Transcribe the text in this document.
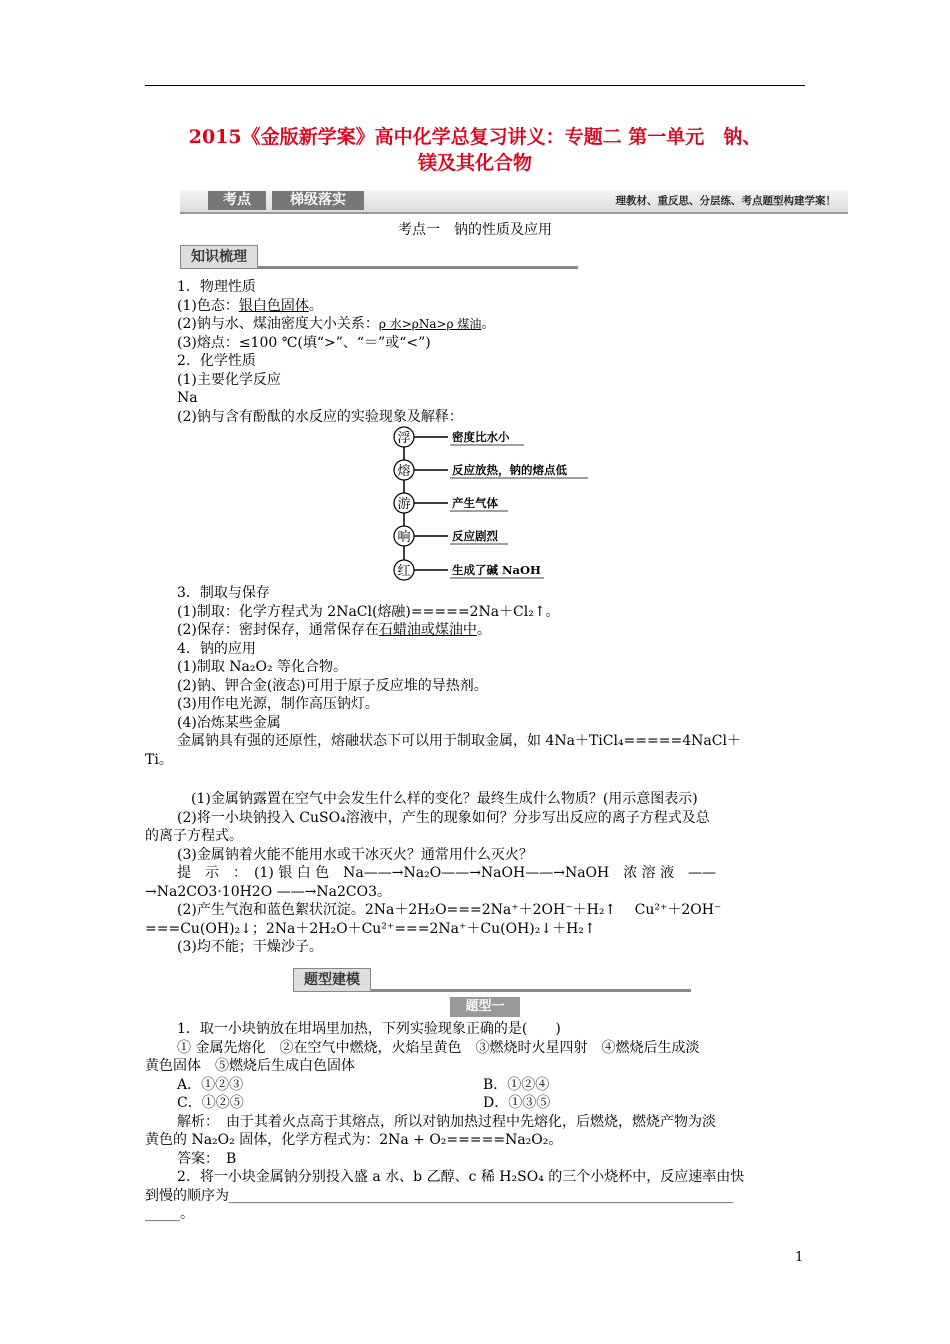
2015《金版新学案》高中化学总复习讲义：专题二 第一单元　钠、
镁及其化合物
考点	梯级落实	理教材、重反思、分层练、考点题型构建学案！
考点一　钠的性质及应用
知识梳理

1．物理性质

(1)色态：银白色固体。

(2)钠与水、煤油密度大小关系：ρ 水>ρNa>ρ 煤油。

(3)熔点：≤100 ℃(填“>”、“＝”或“<”)

2．化学性质

(1)主要化学反应

Na

(2)钠与含有酚酞的水反应的实验现象及解释：

浮	密度比水小
熔	反应放热，钠的熔点低
游	产生气体
响	反应剧烈
红	生成了碱 NaOH

3．制取与保存

(1)制取：化学方程式为 2NaCl(熔融)=====2Na＋Cl₂↑。

(2)保存：密封保存，通常保存在石蜡油或煤油中。

4．钠的应用

(1)制取 Na₂O₂ 等化合物。

(2)钠、钾合金(液态)可用于原子反应堆的导热剂。

(3)用作电光源，制作高压钠灯。

(4)冶炼某些金属

金属钠具有强的还原性，熔融状态下可以用于制取金属，如 4Na＋TiCl₄=====4NaCl＋

Ti。

(1)金属钠露置在空气中会发生什么样的变化？最终生成什么物质？(用示意图表示)

(2)将一小块钠投入 CuSO₄溶液中，产生的现象如何？分步写出反应的离子方程式及总

的离子方程式。

(3)金属钠着火能不能用水或干冰灭火？通常用什么灭火？

提　示　：　(1) 银 白 色　Na——→Na₂O——→NaOH——→NaOH　浓 溶 液　——

→Na2CO3·10H2O ——→Na2CO3。

(2)产生气泡和蓝色絮状沉淀。2Na＋2H₂O===2Na⁺＋2OH⁻＋H₂↑　 Cu²⁺＋2OH⁻

===Cu(OH)₂↓；2Na＋2H₂O＋Cu²⁺===2Na⁺＋Cu(OH)₂↓＋H₂↑

(3)均不能；干燥沙子。

题型建模
题型一

1．取一小块钠放在坩埚里加热，下列实验现象正确的是(　　)

① 金属先熔化　②在空气中燃烧，火焰呈黄色　③燃烧时火星四射　④燃烧后生成淡

黄色固体　⑤燃烧后生成白色固体

A．①②③	B．①②④
C．①②⑤	D．①③⑤

解析：　由于其着火点高于其熔点，所以对钠加热过程中先熔化，后燃烧，燃烧产物为淡

黄色的 Na₂O₂ 固体，化学方程式为：2Na + O₂=====Na₂O₂。

答案：　B

2．将一小块金属钠分别投入盛 a 水、b 乙醇、c 稀 H₂SO₄ 的三个小烧杯中，反应速率由快

到慢的顺序为________________________________________________________________________

_____。

1
